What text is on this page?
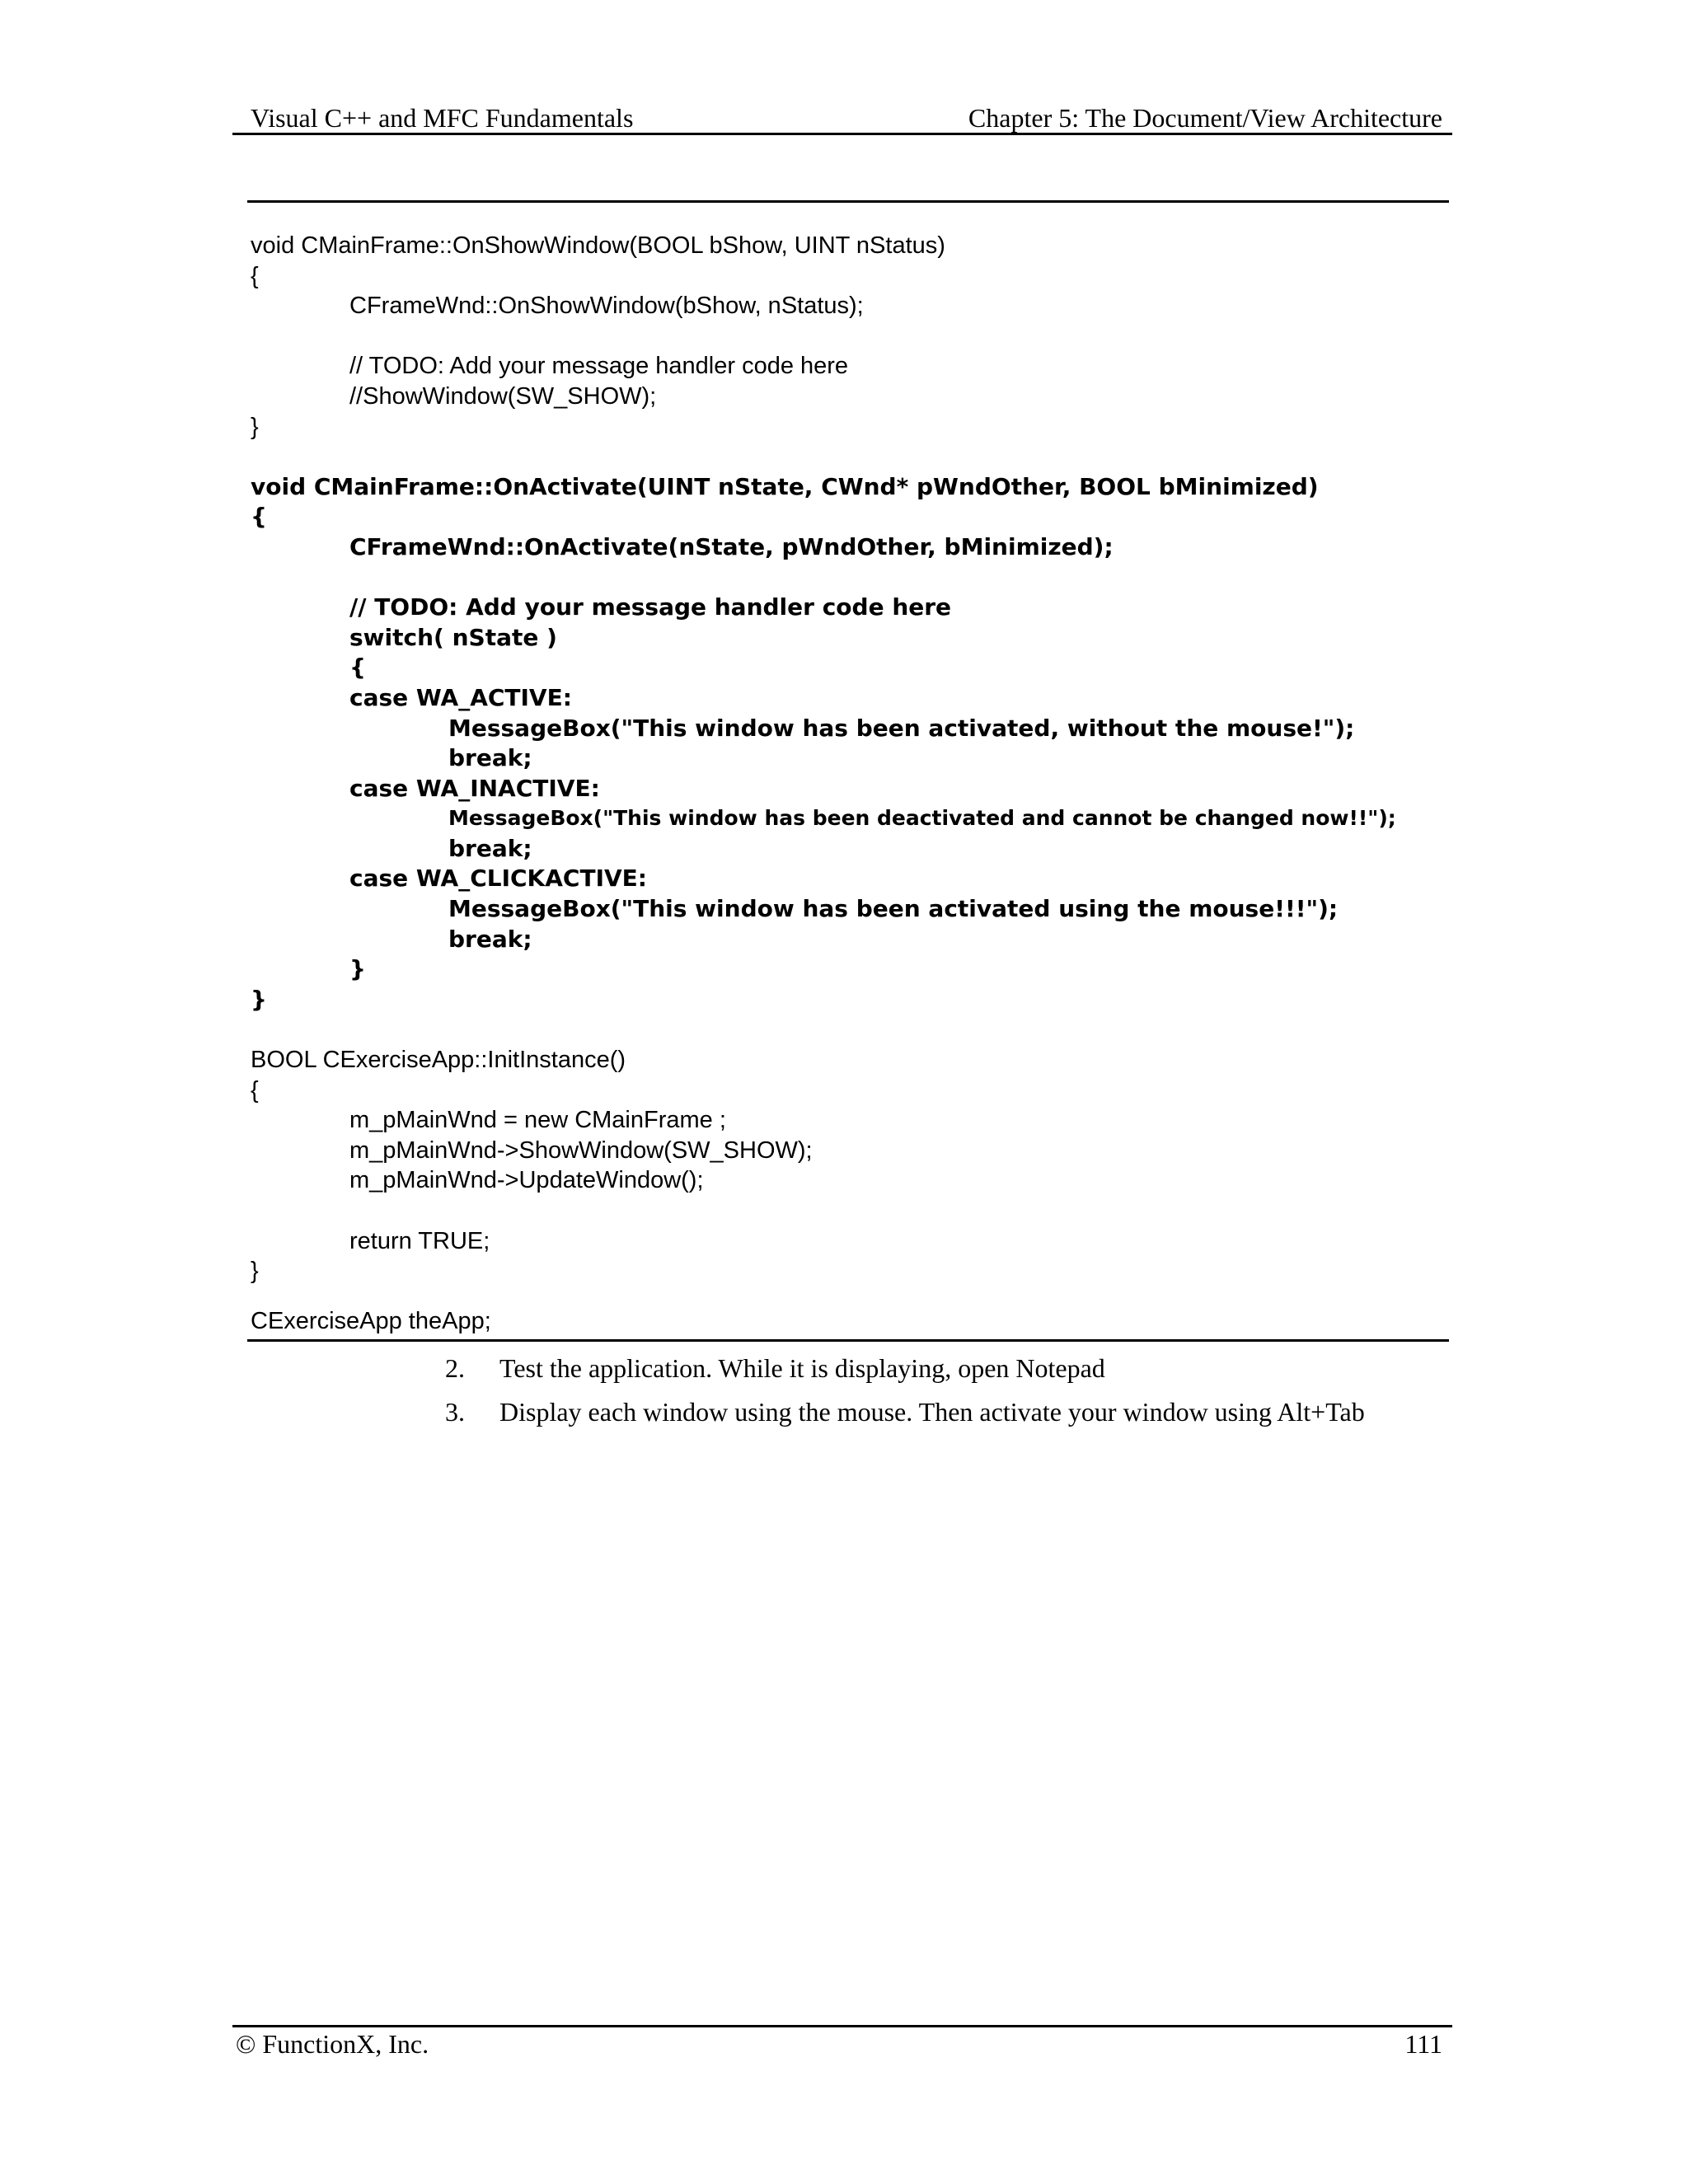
Visual C++ and MFC Fundamentals	Chapter 5: The Document/View Architecture
void CMainFrame::OnShowWindow(BOOL bShow, UINT nStatus)
{
CFrameWnd::OnShowWindow(bShow, nStatus);
// TODO: Add your message handler code here
//ShowWindow(SW_SHOW);
}
void CMainFrame::OnActivate(UINT nState, CWnd* pWndOther, BOOL bMinimized)
{
CFrameWnd::OnActivate(nState, pWndOther, bMinimized);
// TODO: Add your message handler code here
switch( nState )
{
case WA_ACTIVE:
MessageBox("This window has been activated, without the mouse!");
break;
case WA_INACTIVE:
MessageBox("This window has been deactivated and cannot be changed now!!");
break;
case WA_CLICKACTIVE:
MessageBox("This window has been activated using the mouse!!!");
break;
}
}
BOOL CExerciseApp::InitInstance()
{
m_pMainWnd = new CMainFrame ;
m_pMainWnd->ShowWindow(SW_SHOW);
m_pMainWnd->UpdateWindow();
return TRUE;
}
CExerciseApp theApp;
2.	Test the application. While it is displaying, open Notepad
3.	Display each window using the mouse. Then activate your window using Alt+Tab
© FunctionX, Inc.	111
